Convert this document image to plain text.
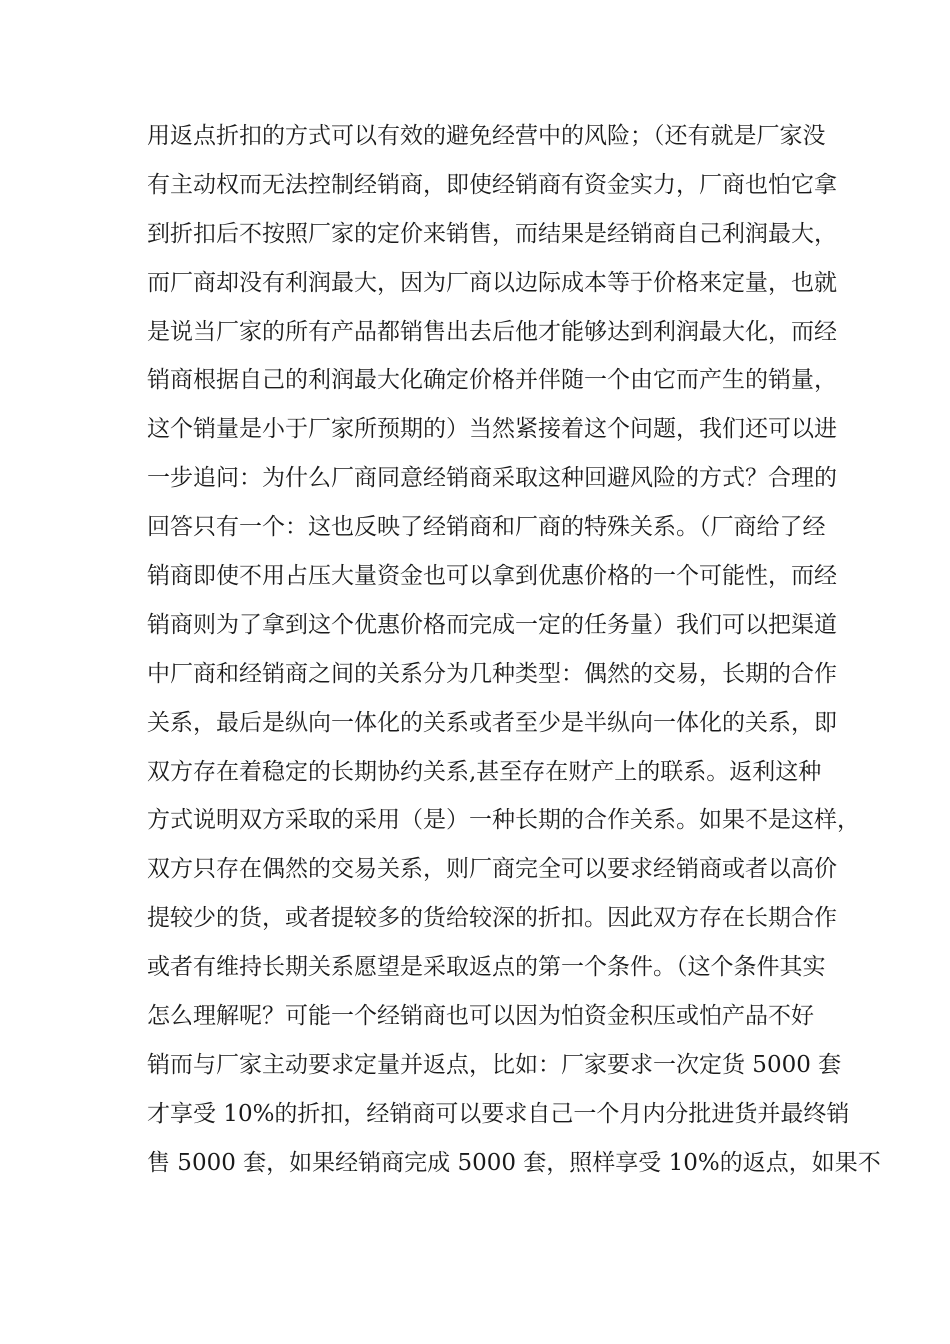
用返点折扣的方式可以有效的避免经营中的风险；（还有就是厂家没
有主动权而无法控制经销商，即使经销商有资金实力，厂商也怕它拿
到折扣后不按照厂家的定价来销售，而结果是经销商自己利润最大，
而厂商却没有利润最大，因为厂商以边际成本等于价格来定量，也就
是说当厂家的所有产品都销售出去后他才能够达到利润最大化，而经
销商根据自己的利润最大化确定价格并伴随一个由它而产生的销量，
这个销量是小于厂家所预期的）当然紧接着这个问题，我们还可以进
一步追问：为什么厂商同意经销商采取这种回避风险的方式？合理的
回答只有一个：这也反映了经销商和厂商的特殊关系。（厂商给了经
销商即使不用占压大量资金也可以拿到优惠价格的一个可能性，而经
销商则为了拿到这个优惠价格而完成一定的任务量）我们可以把渠道
中厂商和经销商之间的关系分为几种类型：偶然的交易，长期的合作
关系，最后是纵向一体化的关系或者至少是半纵向一体化的关系，即
双方存在着稳定的长期协约关系,甚至存在财产上的联系。返利这种
方式说明双方采取的采用（是）一种长期的合作关系。如果不是这样，
双方只存在偶然的交易关系，则厂商完全可以要求经销商或者以高价
提较少的货，或者提较多的货给较深的折扣。因此双方存在长期合作
或者有维持长期关系愿望是采取返点的第一个条件。（这个条件其实
怎么理解呢？可能一个经销商也可以因为怕资金积压或怕产品不好
销而与厂家主动要求定量并返点，比如：厂家要求一次定货 5000 套
才享受 10%的折扣，经销商可以要求自己一个月内分批进货并最终销
售 5000 套，如果经销商完成 5000 套，照样享受 10%的返点，如果不
